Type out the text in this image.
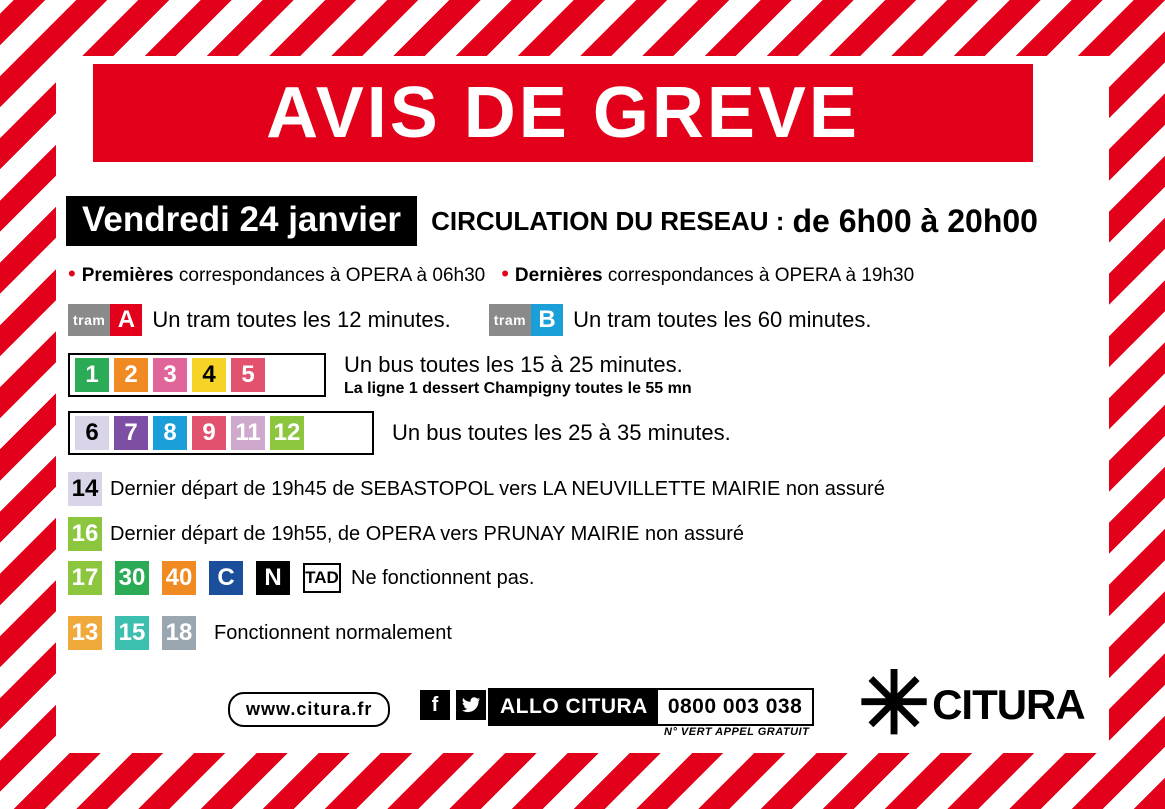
AVIS DE GREVE
Vendredi 24 janvier	CIRCULATION DU RESEAU : de 6h00 à 20h00
• Premières
correspondances à OPERA à
06h30 • Dernières
correspondances à OPERA à
19h30
tram A Un tram toutes les 12 minutes.	tram B Un tram toutes les 60 minutes.
1	2	3	4	5	Un bus toutes les 15 à 25 minutes.
La ligne 1 dessert Champigny toutes le 55 mn
6	7	8	9 11 12	Un bus toutes les 25 à 35 minutes.
14 Dernier départ de 19h45 de SEBASTOPOL vers LA NEUVILLETTE MAIRIE non assuré
16 Dernier départ de 19h55, de OPERA vers PRUNAY MAIRIE non assuré
17 30 40	C	N	TAD Ne fonctionnent pas.
13 15 18 Fonctionnent normalement
www.citura.fr	f	ALLO CITURA 0800 003 038
N° VERT APPEL GRATUIT ✳ CITURA
